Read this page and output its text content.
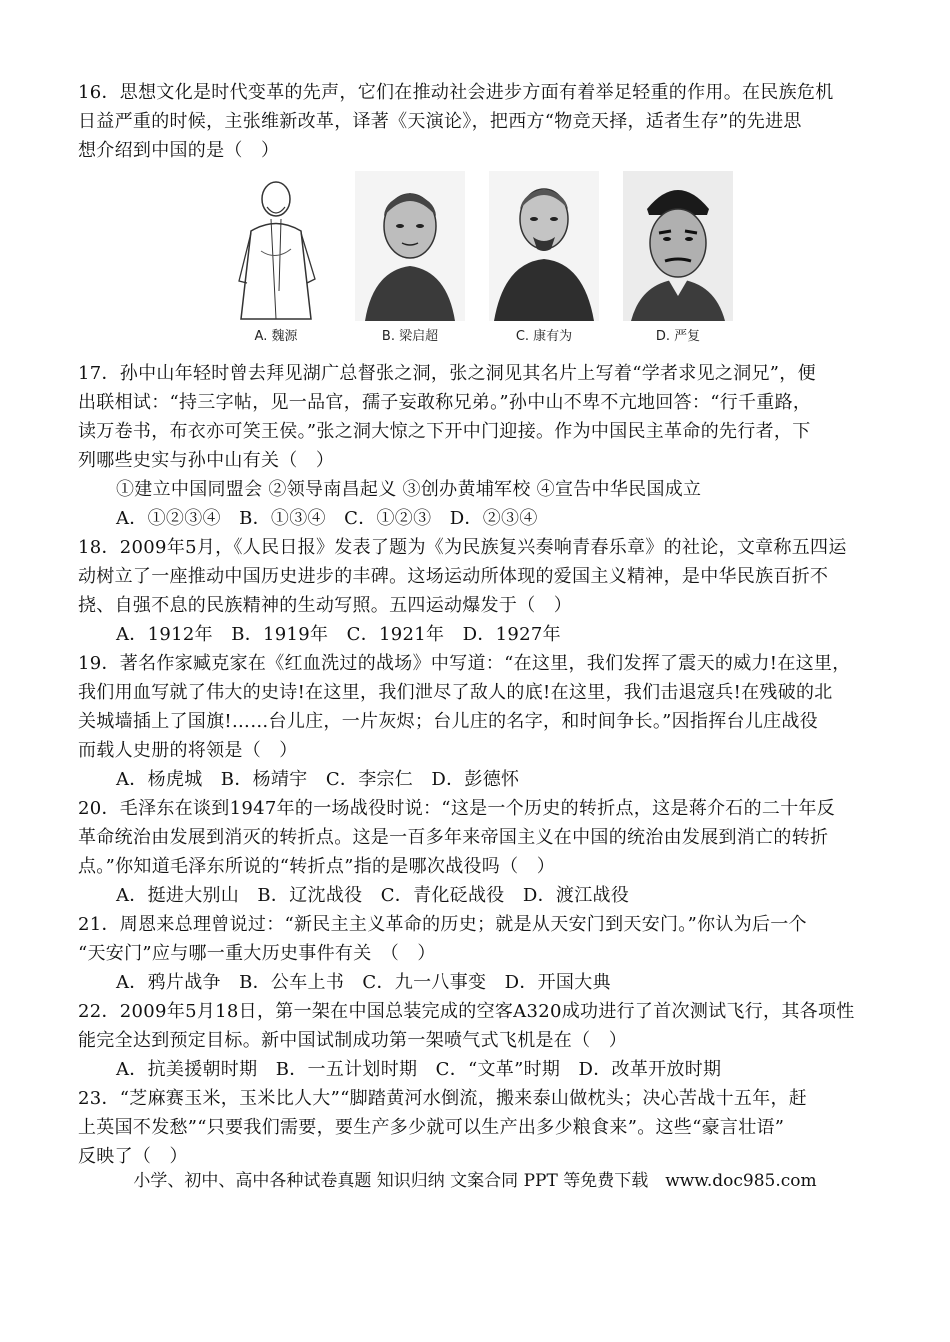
16．思想文化是时代变革的先声，它们在推动社会进步方面有着举足轻重的作用。在民族危机

日益严重的时候，主张维新改革，译著《天演论》，把西方“物竞天择，适者生存”的先进思

想介绍到中国的是（　）

A. 魏源	B. 梁启超	C. 康有为	D. 严复

17．孙中山年轻时曾去拜见湖广总督张之洞，张之洞见其名片上写着“学者求见之洞兄”，便

出联相试：“持三字帖，见一品官，孺子妄敢称兄弟。”孙中山不卑不亢地回答：“行千重路，

读万卷书，布衣亦可笑王侯。”张之洞大惊之下开中门迎接。作为中国民主革命的先行者，下

列哪些史实与孙中山有关（　）

①建立中国同盟会 ②领导南昌起义 ③创办黄埔军校 ④宣告中华民国成立

A．①②③④　B．①③④　C．①②③　D．②③④

18．2009年5月，《人民日报》发表了题为《为民族复兴奏响青春乐章》的社论，文章称五四运

动树立了一座推动中国历史进步的丰碑。这场运动所体现的爱国主义精神，是中华民族百折不

挠、自强不息的民族精神的生动写照。五四运动爆发于（　）

A．1912年　B．1919年　C．1921年　D．1927年

19．著名作家臧克家在《红血洗过的战场》中写道：“在这里，我们发挥了震天的威力!在这里，

我们用血写就了伟大的史诗!在这里，我们泄尽了敌人的底!在这里，我们击退寇兵!在残破的北

关城墙插上了国旗!……台儿庄，一片灰烬；台儿庄的名字，和时间争长。”因指挥台儿庄战役

而载人史册的将领是（　）

A．杨虎城　B．杨靖宇　C．李宗仁　D．彭德怀

20．毛泽东在谈到1947年的一场战役时说：“这是一个历史的转折点，这是蒋介石的二十年反

革命统治由发展到消灭的转折点。这是一百多年来帝国主义在中国的统治由发展到消亡的转折

点。”你知道毛泽东所说的“转折点”指的是哪次战役吗（　）

A．挺进大别山　B．辽沈战役　C．青化砭战役　D．渡江战役

21．周恩来总理曾说过：“新民主主义革命的历史；就是从天安门到天安门。”你认为后一个

“天安门”应与哪一重大历史事件有关　（　）

A．鸦片战争　B．公车上书　C．九一八事变　D．开国大典

22．2009年5月18日，第一架在中国总装完成的空客A320成功进行了首次测试飞行，其各项性

能完全达到预定目标。新中国试制成功第一架喷气式飞机是在（　）

A．抗美援朝时期　B．一五计划时期　C．“文革”时期　D．改革开放时期

23．“芝麻赛玉米，玉米比人大”“脚踏黄河水倒流，搬来泰山做枕头；决心苦战十五年，赶

上英国不发愁”“只要我们需要，要生产多少就可以生产出多少粮食来”。这些“豪言壮语”

反映了（　）

小学、初中、高中各种试卷真题 知识归纳 文案合同 PPT 等免费下载　www.doc985.com
